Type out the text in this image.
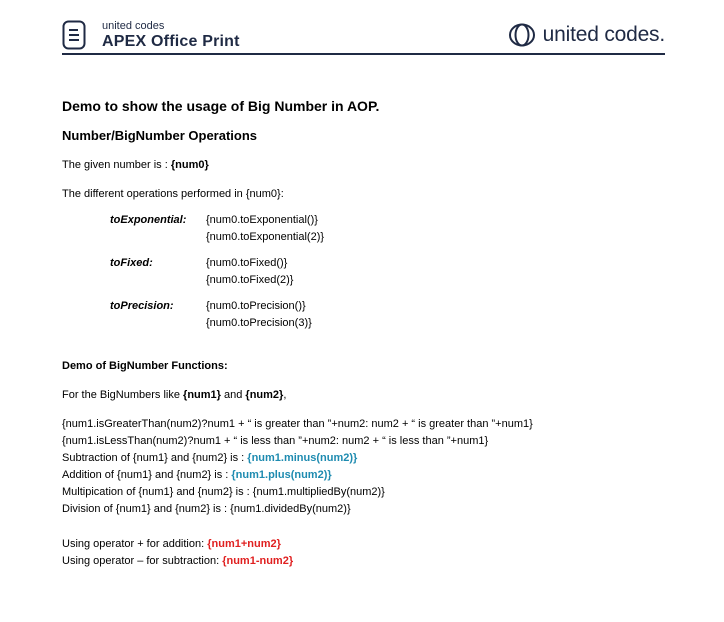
united codes
APEX Office Print	united codes.
Demo to show the usage of Big Number in AOP.
Number/BigNumber Operations
The given number is : {num0}
The different operations performed in {num0}:
toExponential:	{num0.toExponential()}
{num0.toExponential(2)}
toFixed:	{num0.toFixed()}
{num0.toFixed(2)}
toPrecision:	{num0.toPrecision()}
{num0.toPrecision(3)}
Demo of BigNumber Functions:
For the BigNumbers like {num1} and {num2},
{num1.isGreaterThan(num2)?num1 + “ is greater than ”+num2: num2 + “ is greater than ”+num1}
{num1.isLessThan(num2)?num1 + “ is less than ”+num2: num2 + “ is less than ”+num1}
Subtraction of {num1} and {num2} is : {num1.minus(num2)}
Addition of {num1} and {num2} is : {num1.plus(num2)}
Multipication of {num1} and {num2} is : {num1.multipliedBy(num2)}
Division of {num1} and {num2} is : {num1.dividedBy(num2)}
Using operator + for addition: {num1+num2}
Using operator – for subtraction: {num1-num2}
